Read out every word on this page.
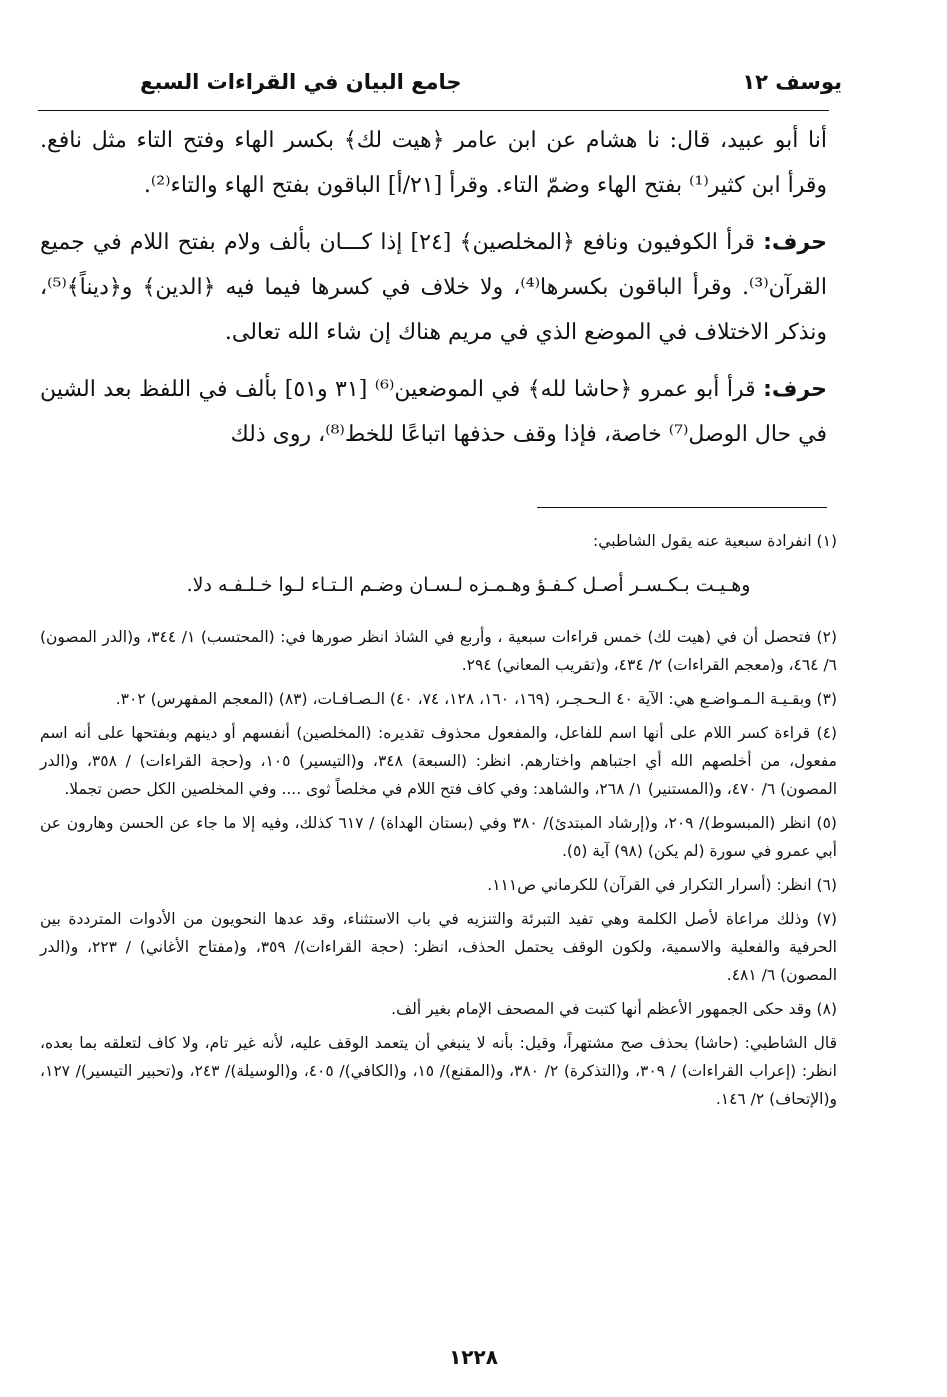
يوسف ١٢
جامع البيان في القراءات السبع

أنا أبو عبيد، قال: نا هشام عن ابن عامر ﴿هيت لك﴾ بكسر الهاء وفتح التاء مثل نافع. وقرأ ابن كثير⁽¹⁾ بفتح الهاء وضمّ التاء. وقرأ [٢١/أ] الباقون بفتح الهاء والتاء⁽²⁾.

حرف: قرأ الكوفيون ونافع ﴿المخلصين﴾ [٢٤] إذا كـــان بألف ولام بفتح اللام في جميع القرآن⁽³⁾. وقرأ الباقون بكسرها⁽⁴⁾، ولا خلاف في كسرها فيما فيه ﴿الدين﴾ و﴿ديناً﴾⁽⁵⁾، ونذكر الاختلاف في الموضع الذي في مريم هناك إن شاء الله تعالى.

حرف: قرأ أبو عمرو ﴿حاشا لله﴾ في الموضعين⁽⁶⁾ [٣١ و٥١] بألف في اللفظ بعد الشين في حال الوصل⁽⁷⁾ خاصة، فإذا وقف حذفها اتباعًا للخط⁽⁸⁾، روى ذلك

(١) انفرادة سبعية عنه يقول الشاطبي:

وهـيـت بـكـسـر أصـل كـفـؤ وهـمـزه لـسـان وضـم الـتـاء لـوا خـلـفـه دلا.

(٢) فتحصل أن في (هيت لك) خمس قراءات سبعية ، وأربع في الشاذ انظر صورها في: (المحتسب) ١/ ٣٤٤، و(الدر المصون) ٦/ ٤٦٤، و(معجم القراءات) ٢/ ٤٣٤، و(تقريب المعاني) ٢٩٤.

(٣) وبقـيـة الـمـواضـع هي: الآية ٤٠ الـحـجـر، (١٦٩، ١٦٠، ١٢٨، ٧٤، ٤٠) الـصـافـات، (٨٣) (المعجم المفهرس) ٣٠٢.

(٤) قراءة كسر اللام على أنها اسم للفاعل، والمفعول محذوف تقديره: (المخلصين) أنفسهم أو دينهم وبفتحها على أنه اسم مفعول، من أخلصهم الله أي اجتباهم واختارهم. انظر: (السبعة) ٣٤٨، و(التيسير) ١٠٥، و(حجة القراءات) / ٣٥٨، و(الدر المصون) ٦/ ٤٧٠، و(المستنير) ١/ ٢٦٨، والشاهد: وفي كاف فتح اللام في مخلصاً ثوى .... وفي المخلصين الكل حصن تجملا.

(٥) انظر (المبسوط)/ ٢٠٩، و(إرشاد المبتدئ)/ ٣٨٠ وفي (بستان الهداة) / ٦١٧ كذلك، وفيه إلا ما جاء عن الحسن وهارون عن أبي عمرو في سورة (لم يكن) (٩٨) آية (٥).

(٦) انظر: (أسرار التكرار في القرآن) للكرماني ص١١١.

(٧) وذلك مراعاة لأصل الكلمة وهي تفيد التبرئة والتنزيه في باب الاستثناء، وقد عدها النحويون من الأدوات المترددة بين الحرفية والفعلية والاسمية، ولكون الوقف يحتمل الحذف، انظر: (حجة القراءات)/ ٣٥٩، و(مفتاح الأغاني) / ٢٢٣، و(الدر المصون) ٦/ ٤٨١.

(٨) وقد حكى الجمهور الأعظم أنها كتبت في المصحف الإمام بغير ألف.

قال الشاطبي: (حاشا) بحذف صح مشتهراً، وقيل: بأنه لا ينبغي أن يتعمد الوقف عليه، لأنه غير تام، ولا كاف لتعلقه بما بعده، انظر: (إعراب القراءات) / ٣٠٩، و(التذكرة) ٢/ ٣٨٠، و(المقنع)/ ١٥، و(الكافي)/ ٤٠٥، و(الوسيلة)/ ٢٤٣، و(تحبير التيسير)/ ١٢٧، و(الإتحاف) ٢/ ١٤٦.

١٢٢٨
